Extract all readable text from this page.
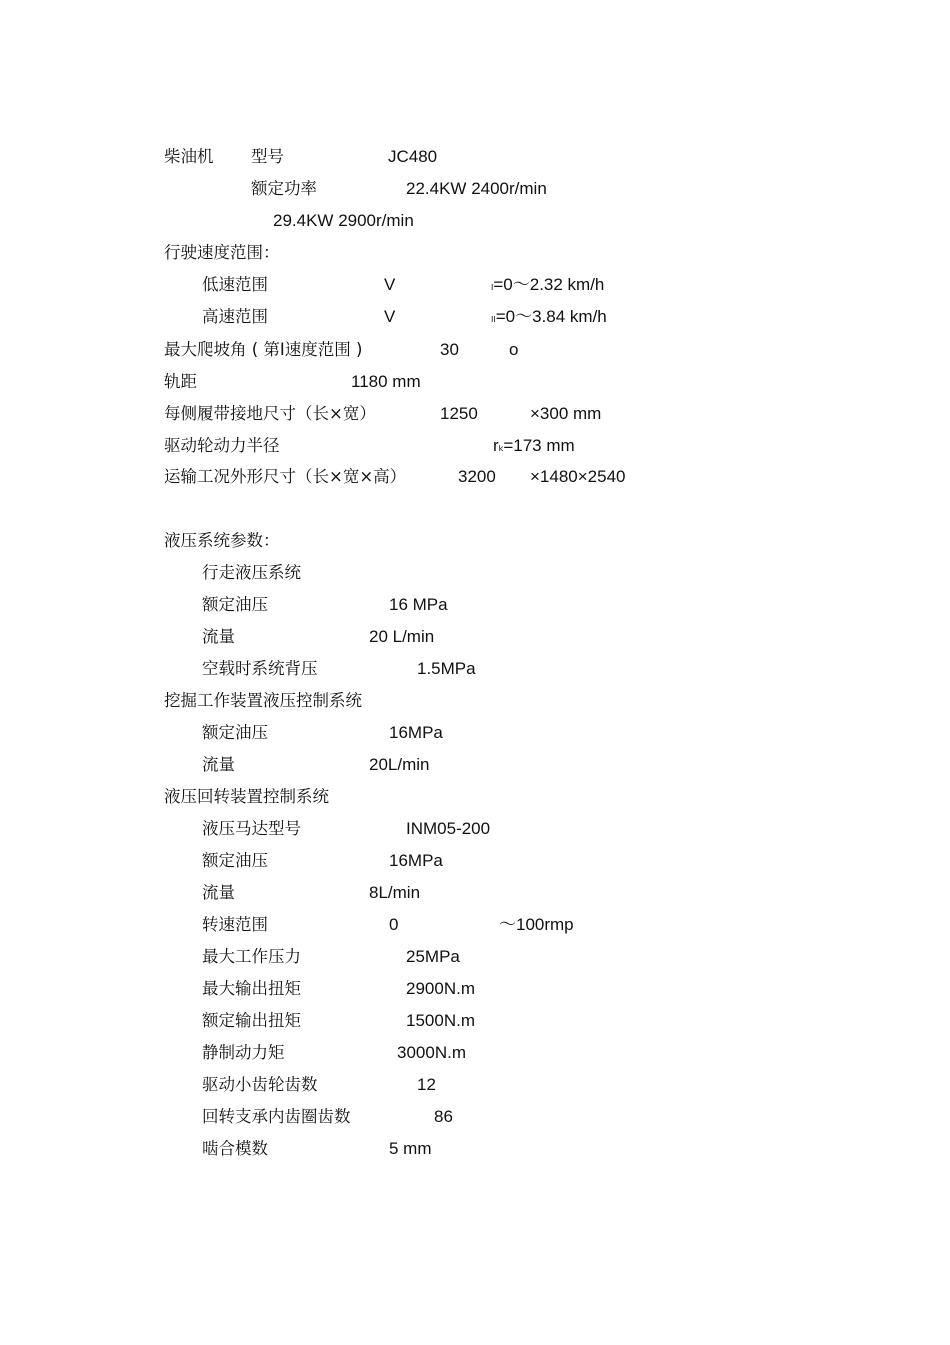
柴油机 型号	JC480
额定功率	22.4KW 2400r/min
29.4KW 2900r/min
行驶速度范围：
低速范围	V	I=0～2.32 km/h
高速范围	V	II=0～3.84 km/h
最大爬坡角 ( 第Ⅰ速度范围 )	30	o
轨距	1180 mm
每侧履带接地尺寸（长×宽）	1250	×300 mm
驱动轮动力半径	rk=173 mm
运输工况外形尺寸（长×宽×高）	3200 ×1480×2540
液压系统参数：
行走液压系统
额定油压	16 MPa
流量	20 L/min
空载时系统背压	1.5MPa
挖掘工作装置液压控制系统
额定油压	16MPa
流量	20L/min
液压回转装置控制系统
液压马达型号	INM05-200
额定油压	16MPa
流量	8L/min
转速范围	0	～100rmp
最大工作压力	25MPa
最大输出扭矩	2900N.m
额定输出扭矩	1500N.m
静制动力矩	3000N.m
驱动小齿轮齿数	12
回转支承内齿圈齿数	86
啮合模数	5 mm
